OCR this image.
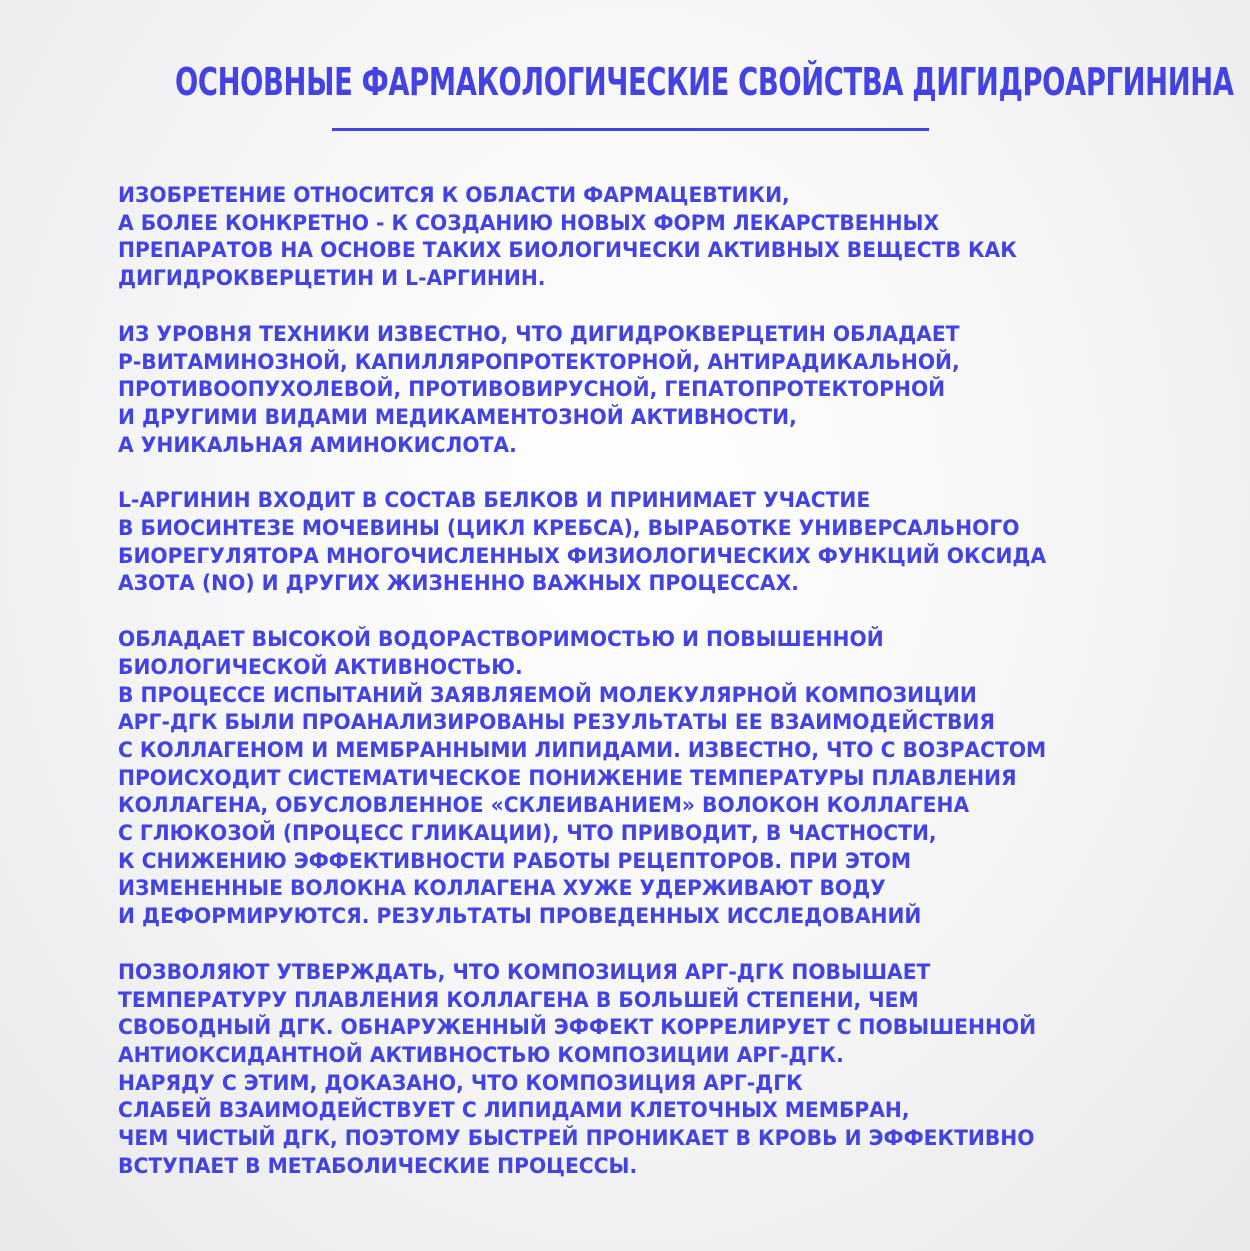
ОСНОВНЫЕ ФАРМАКОЛОГИЧЕСКИЕ СВОЙСТВА ДИГИДРОАРГИНИНА

ИЗОБРЕТЕНИЕ ОТНОСИТСЯ К ОБЛАСТИ ФАРМАЦЕВТИКИ,
А БОЛЕЕ КОНКРЕТНО - К СОЗДАНИЮ НОВЫХ ФОРМ ЛЕКАРСТВЕННЫХ
ПРЕПАРАТОВ НА ОСНОВЕ ТАКИХ БИОЛОГИЧЕСКИ АКТИВНЫХ ВЕЩЕСТВ КАК
ДИГИДРОКВЕРЦЕТИН И L-АРГИНИН.

ИЗ УРОВНЯ ТЕХНИКИ ИЗВЕСТНО, ЧТО ДИГИДРОКВЕРЦЕТИН ОБЛАДАЕТ
Р-ВИТАМИНОЗНОЙ, КАПИЛЛЯРОПРОТЕКТОРНОЙ, АНТИРАДИКАЛЬНОЙ,
ПРОТИВООПУХОЛЕВОЙ, ПРОТИВОВИРУСНОЙ, ГЕПАТОПРОТЕКТОРНОЙ
И ДРУГИМИ ВИДАМИ МЕДИКАМЕНТОЗНОЙ АКТИВНОСТИ,
А УНИКАЛЬНАЯ АМИНОКИСЛОТА.

L-АРГИНИН ВХОДИТ В СОСТАВ БЕЛКОВ И ПРИНИМАЕТ УЧАСТИЕ
В БИОСИНТЕЗЕ МОЧЕВИНЫ (ЦИКЛ КРЕБСА), ВЫРАБОТКЕ УНИВЕРСАЛЬНОГО
БИОРЕГУЛЯТОРА МНОГОЧИСЛЕННЫХ ФИЗИОЛОГИЧЕСКИХ ФУНКЦИЙ ОКСИДА
АЗОТА (NO) И ДРУГИХ ЖИЗНЕННО ВАЖНЫХ ПРОЦЕССАХ.

ОБЛАДАЕТ ВЫСОКОЙ ВОДОРАСТВОРИМОСТЬЮ И ПОВЫШЕННОЙ
БИОЛОГИЧЕСКОЙ АКТИВНОСТЬЮ.
В ПРОЦЕССЕ ИСПЫТАНИЙ ЗАЯВЛЯЕМОЙ МОЛЕКУЛЯРНОЙ КОМПОЗИЦИИ
АРГ-ДГК БЫЛИ ПРОАНАЛИЗИРОВАНЫ РЕЗУЛЬТАТЫ ЕЕ ВЗАИМОДЕЙСТВИЯ
С КОЛЛАГЕНОМ И МЕМБРАННЫМИ ЛИПИДАМИ. ИЗВЕСТНО, ЧТО С ВОЗРАСТОМ
ПРОИСХОДИТ СИСТЕМАТИЧЕСКОЕ ПОНИЖЕНИЕ ТЕМПЕРАТУРЫ ПЛАВЛЕНИЯ
КОЛЛАГЕНА, ОБУСЛОВЛЕННОЕ «СКЛЕИВАНИЕМ» ВОЛОКОН КОЛЛАГЕНА
С ГЛЮКОЗОЙ (ПРОЦЕСС ГЛИКАЦИИ), ЧТО ПРИВОДИТ, В ЧАСТНОСТИ,
К СНИЖЕНИЮ ЭФФЕКТИВНОСТИ РАБОТЫ РЕЦЕПТОРОВ. ПРИ ЭТОМ
ИЗМЕНЕННЫЕ ВОЛОКНА КОЛЛАГЕНА ХУЖЕ УДЕРЖИВАЮТ ВОДУ
И ДЕФОРМИРУЮТСЯ. РЕЗУЛЬТАТЫ ПРОВЕДЕННЫХ ИССЛЕДОВАНИЙ

ПОЗВОЛЯЮТ УТВЕРЖДАТЬ, ЧТО КОМПОЗИЦИЯ АРГ-ДГК ПОВЫШАЕТ
ТЕМПЕРАТУРУ ПЛАВЛЕНИЯ КОЛЛАГЕНА В БОЛЬШЕЙ СТЕПЕНИ, ЧЕМ
СВОБОДНЫЙ ДГК. ОБНАРУЖЕННЫЙ ЭФФЕКТ КОРРЕЛИРУЕТ С ПОВЫШЕННОЙ
АНТИОКСИДАНТНОЙ АКТИВНОСТЬЮ КОМПОЗИЦИИ АРГ-ДГК.
НАРЯДУ С ЭТИМ, ДОКАЗАНО, ЧТО КОМПОЗИЦИЯ АРГ-ДГК
СЛАБЕЙ ВЗАИМОДЕЙСТВУЕТ С ЛИПИДАМИ КЛЕТОЧНЫХ МЕМБРАН,
ЧЕМ ЧИСТЫЙ ДГК, ПОЭТОМУ БЫСТРЕЙ ПРОНИКАЕТ В КРОВЬ И ЭФФЕКТИВНО
ВСТУПАЕТ В МЕТАБОЛИЧЕСКИЕ ПРОЦЕССЫ.
